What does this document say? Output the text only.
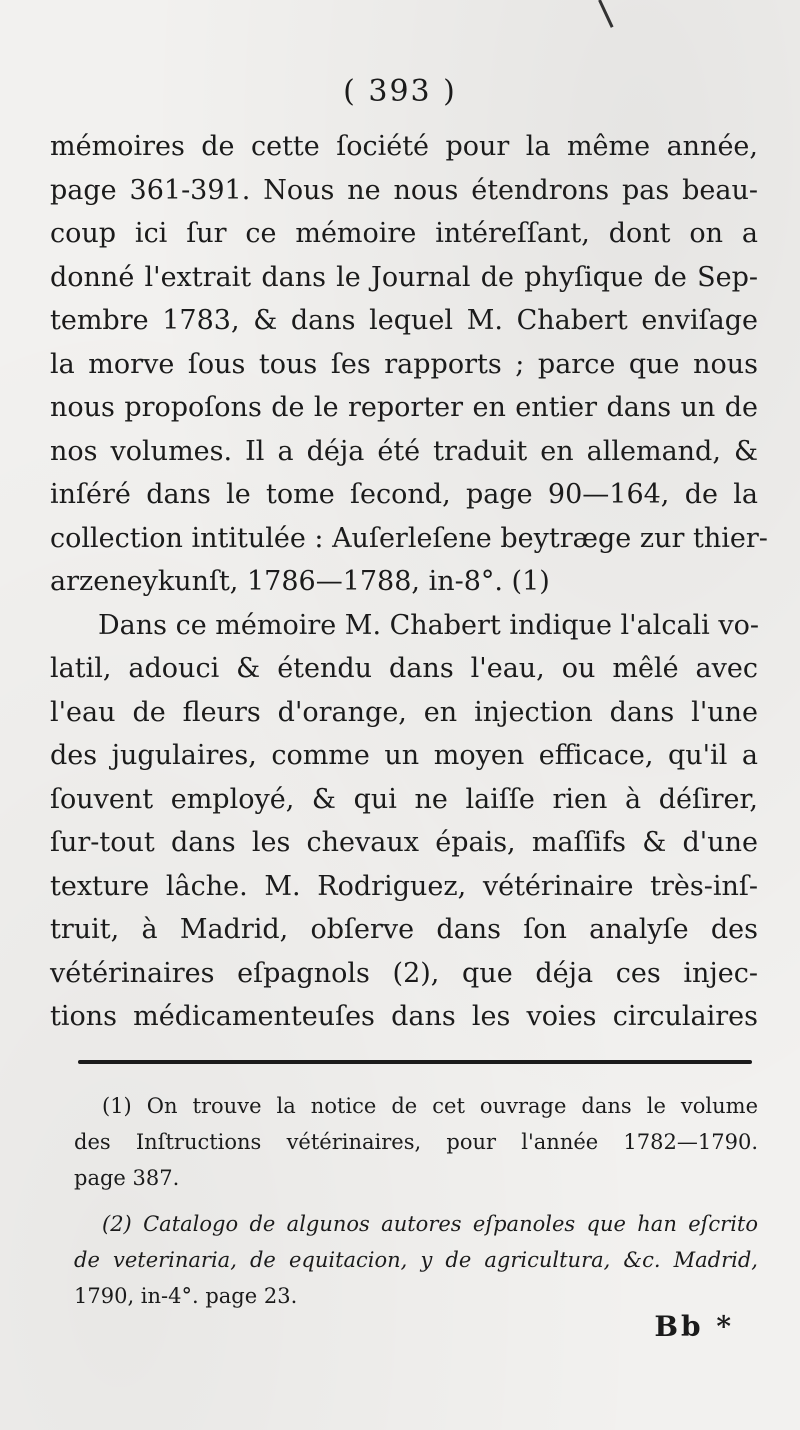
( 393 )
mémoires de cette ſociété pour la même année,
page 361-391. Nous ne nous étendrons pas beau-
coup ici ſur ce mémoire intéreſſant, dont on a
donné l'extrait dans le Journal de phyſique de Sep-
tembre 1783, & dans lequel M. Chabert enviſage
la morve ſous tous ſes rapports ; parce que nous
nous propoſons de le reporter en entier dans un de
nos volumes. Il a déja été traduit en allemand, &
inſéré dans le tome ſecond, page 90—164, de la
collection intitulée : Auſerleſene beytræge zur thier-
arzeneykunſt, 1786—1788, in-8°. (1)
Dans ce mémoire M. Chabert indique l'alcali vo-
latil, adouci & étendu dans l'eau, ou mêlé avec
l'eau de fleurs d'orange, en injection dans l'une
des jugulaires, comme un moyen efficace, qu'il a
ſouvent employé, & qui ne laiſſe rien à déſirer,
ſur-tout dans les chevaux épais, maſſifs & d'une
texture lâche. M. Rodriguez, vétérinaire très-inſ-
truit, à Madrid, obſerve dans ſon analyſe des
vétérinaires eſpagnols (2), que déja ces injec-
tions médicamenteuſes dans les voies circulaires
(1) On trouve la notice de cet ouvrage dans le volume
des Inſtructions vétérinaires, pour l'année 1782—1790.
page 387.
(2) Catalogo de algunos autores eſpanoles que han eſcrito
de veterinaria, de equitacion, y de agricultura, &c. Madrid,
1790, in-4°. page 23.
Bb *
